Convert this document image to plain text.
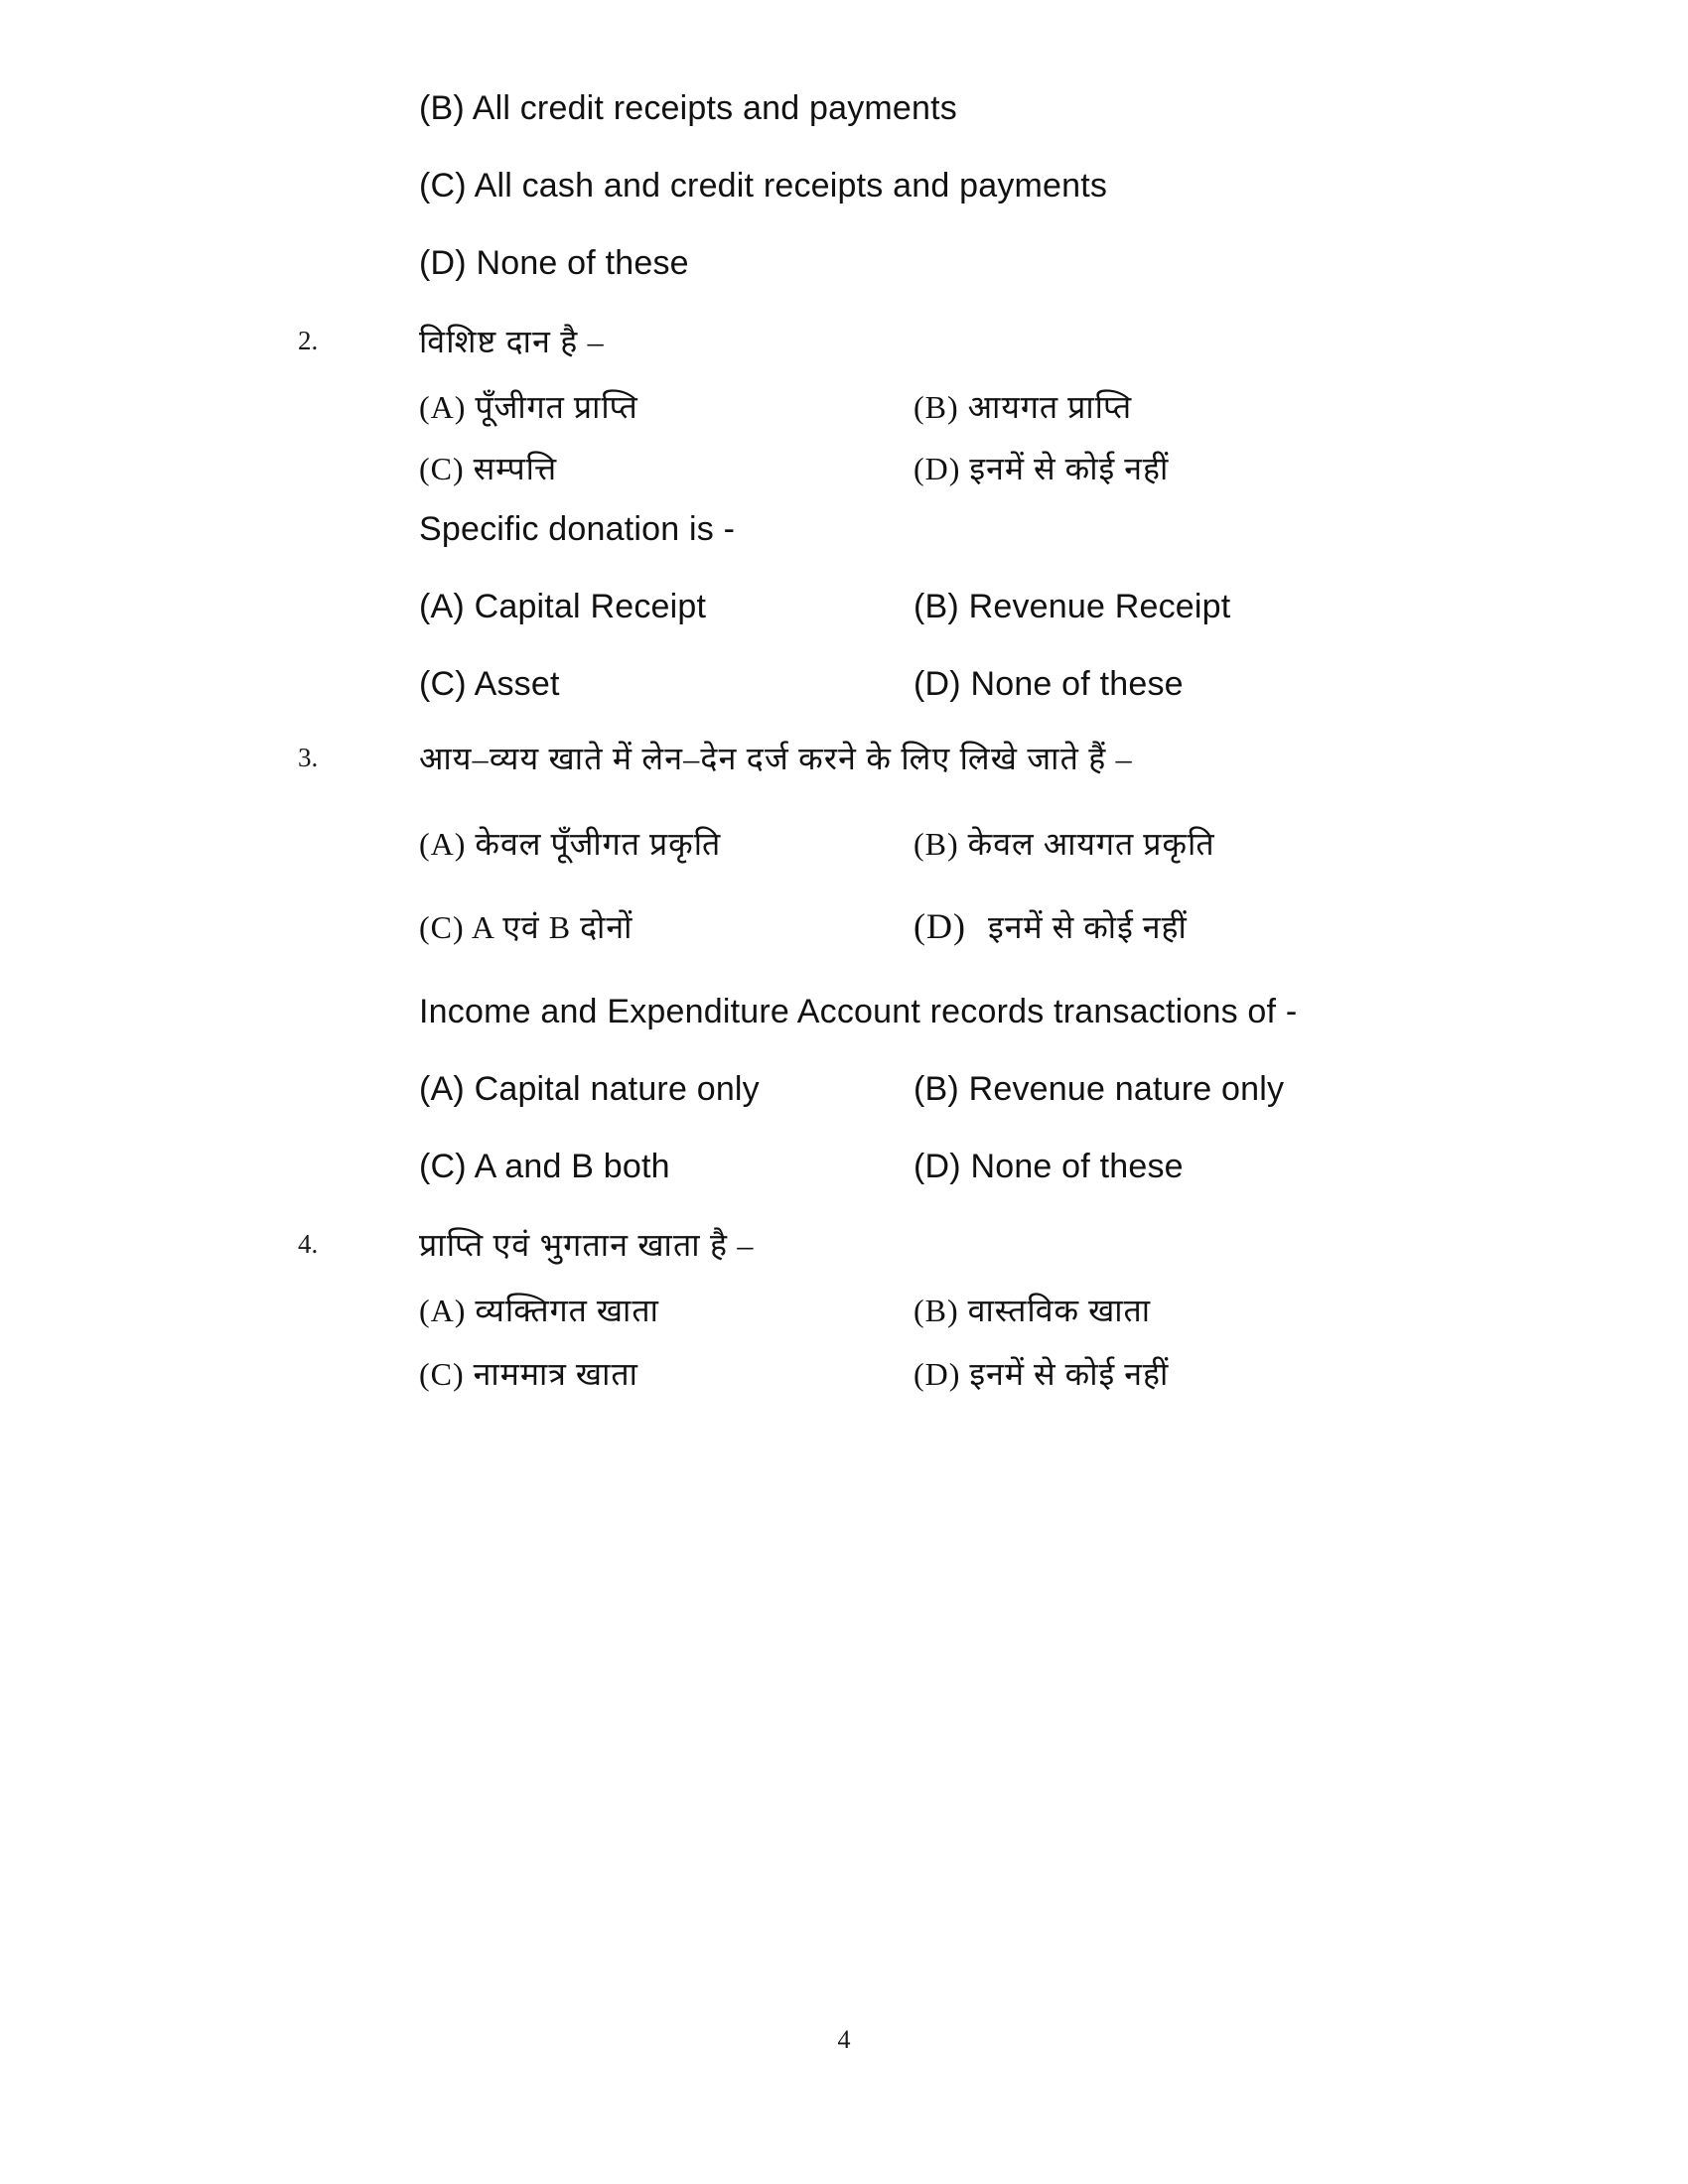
(B) All credit receipts and payments
(C) All cash and credit receipts and payments
(D) None of these
2.	विशिष्ट दान है –
(A) पूँजीगत प्राप्ति	(B) आयगत प्राप्ति
(C) सम्पत्ति	(D) इनमें से कोई नहीं
Specific donation is -
(A) Capital Receipt	(B) Revenue Receipt
(C) Asset	(D) None of these
3.	आय–व्यय खाते में लेन–देन दर्ज करने के लिए लिखे जाते हैं –
(A) केवल पूँजीगत प्रकृति	(B) केवल आयगत प्रकृति
(C) A एवं B दोनों	(D) इनमें से कोई नहीं
Income and Expenditure Account records transactions of -
(A) Capital nature only	(B) Revenue nature only
(C) A and B both	(D) None of these
4.	प्राप्ति एवं भुगतान खाता है –
(A) व्यक्तिगत खाता	(B) वास्तविक खाता
(C) नाममात्र खाता	(D) इनमें से कोई नहीं
4
